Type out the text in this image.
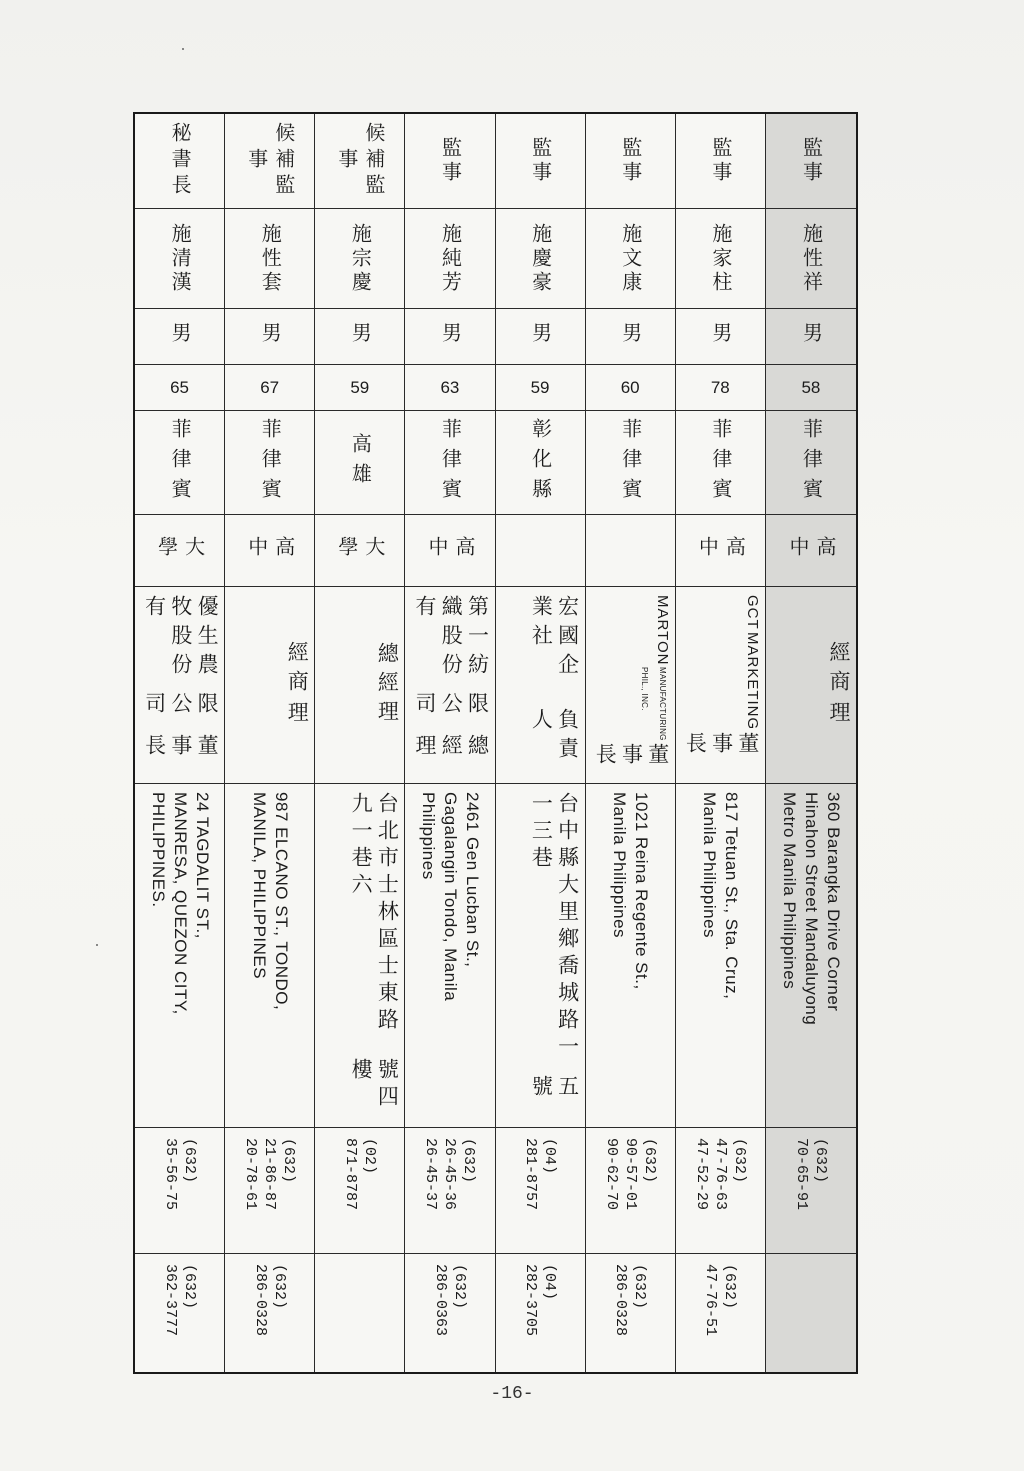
秘書長
施清漢
男
65
菲律賓
大學
優生農牧股份有
限公司
董事長
24 TAGDALIT ST.,
MANRESA, QUEZON CITY,
PHILIPPINES.
(632)
35-56-75
(632)
362-3777
候補監事
施性套
男
67
菲律賓
高中
經商
理
987 ELCANO ST., TONDO,
MANILA, PHILIPPINES
(632)
21-86-87
20-78-61
(632)
286-0328
候補監事
施宗慶
男
59
高雄
大學
總經理
台北市士林區士東路九一巷六
號四樓
(02)
871-8787
監事
施純芳
男
63
菲律賓
高中
第一紡織股份有
限公司
總經理
2461 Gen Lucban St.,
Gagalangin Tondo, Manila
Philippines
(632)
26-45-36
26-45-37
(632)
286-0363
監事
施慶豪
男
59
彰化縣
宏國企業社
負責人
台中縣大里鄉喬城路一一三巷
五號
(04)
281-8757
(04)
282-3705
監事
施文康
男
60
菲律賓
MARTON
MANUFACTURING PHIL., INC.
董事長
1021 Reina Regente St.,
Manila Philippines
(632)
90-57-01
90-62-70
(632)
286-0328
監事
施家柱
男
78
菲律賓
高中
GCT
MARKETING
董事長
817 Tetuan St., Sta. Cruz,
Manila Philippines
(632)
47-76-63
47-52-29
(632)
47-76-51
監事
施性祥
男
58
菲律賓
高中
經商
理
360 Barangka Drive Corner
Hinahon Street Mandaluyong
Metro Manila Philippines
(632)
70-65-91
-16-
